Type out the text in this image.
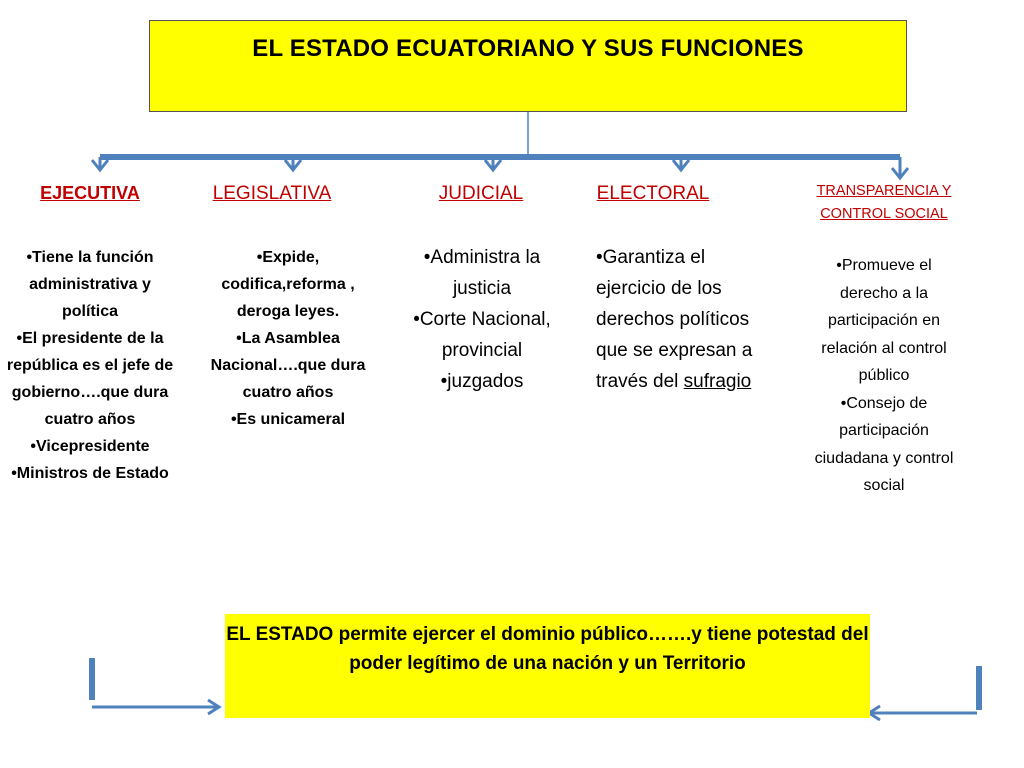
EL ESTADO ECUATORIANO Y SUS FUNCIONES
EJECUTIVA	LEGISLATIVA	JUDICIAL	ELECTORAL	TRANSPARENCIA Y CONTROL SOCIAL
•Tiene la función administrativa y política
•El presidente de la república es el jefe de gobierno….que dura cuatro años
•Vicepresidente
•Ministros de Estado
•Expide, codifica,reforma , deroga leyes.
•La Asamblea Nacional….que dura cuatro años
•Es unicameral
•Administra la justicia
•Corte Nacional, provincial
•juzgados
•Garantiza el ejercicio de los derechos políticos que se expresan a través del sufragio
•Promueve el derecho a la participación en relación al control público
•Consejo de participación ciudadana y control social
EL ESTADO permite ejercer el dominio público…….y tiene potestad del poder legítimo de una nación y un Territorio
